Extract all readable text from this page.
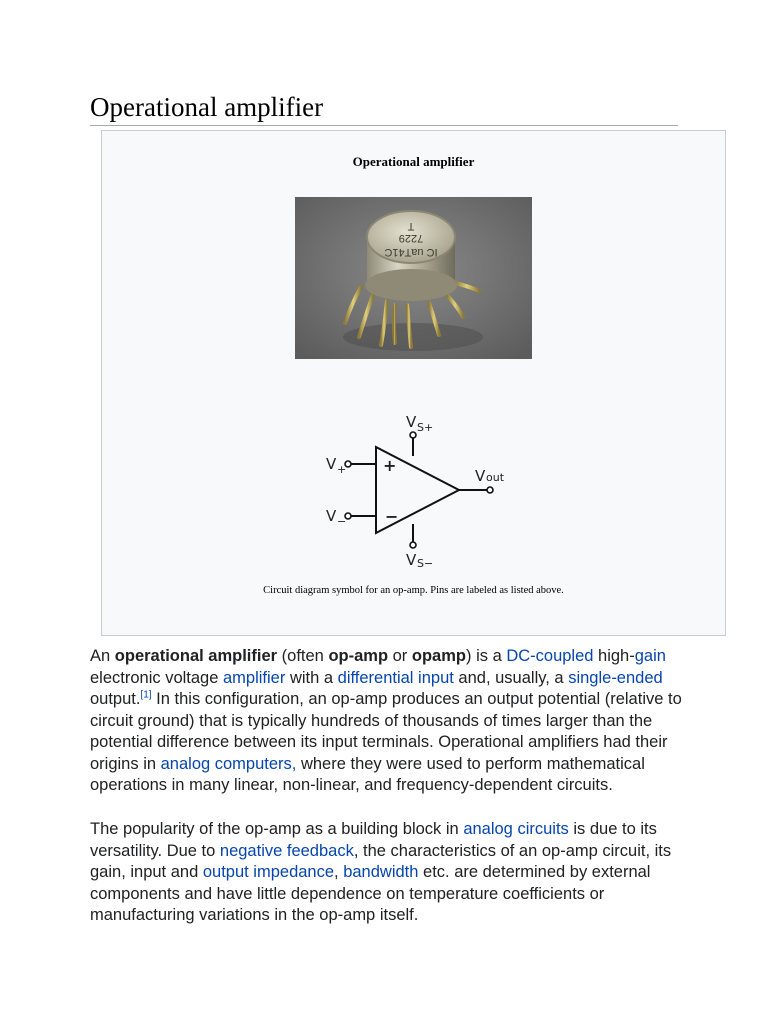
Operational amplifier
Operational amplifier
IC uaT41C
7229
T
+
−
V S+
V +
V −
V S−
V out
Circuit diagram symbol for an op-amp. Pins are labeled as listed above.

An operational amplifier (often op-amp or opamp) is a DC-coupled high-gain electronic voltage amplifier with a differential input and, usually, a single-ended output.[1] In this configuration, an op-amp produces an output potential (relative to circuit ground) that is typically hundreds of thousands of times larger than the potential difference between its input terminals. Operational amplifiers had their origins in analog computers, where they were used to perform mathematical operations in many linear, non-linear, and frequency-dependent circuits.

The popularity of the op-amp as a building block in analog circuits is due to its versatility. Due to negative feedback, the characteristics of an op-amp circuit, its gain, input and output impedance, bandwidth etc. are determined by external components and have little dependence on temperature coefficients or manufacturing variations in the op-amp itself.
